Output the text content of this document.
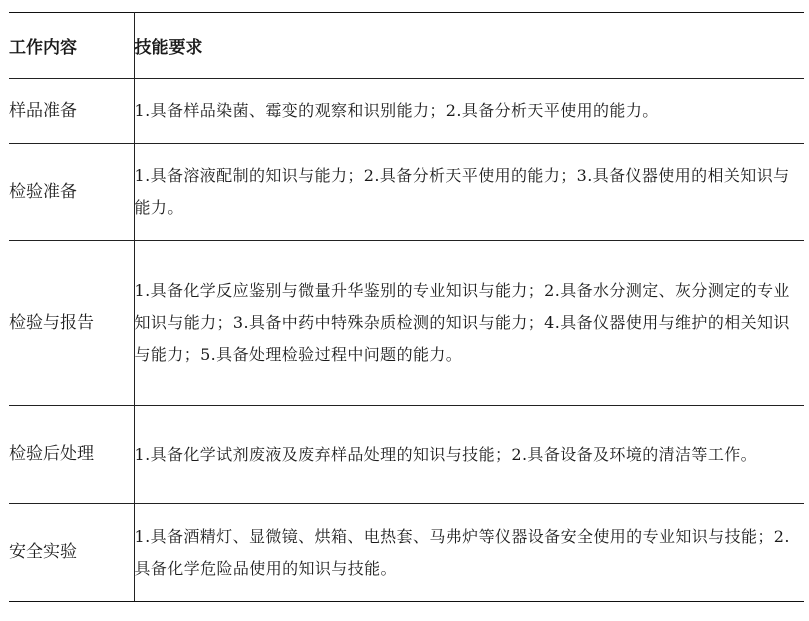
工作内容	技能要求
样品准备	1.具备样品染菌、霉变的观察和识别能力；2.具备分析天平使用的能力。
检验准备	1.具备溶液配制的知识与能力；2.具备分析天平使用的能力；3.具备仪器使用的相关知识与能力。
检验与报告	1.具备化学反应鉴别与微量升华鉴别的专业知识与能力；2.具备水分测定、灰分测定的专业知识与能力；3.具备中药中特殊杂质检测的知识与能力；4.具备仪器使用与维护的相关知识与能力；5.具备处理检验过程中问题的能力。
检验后处理	1.具备化学试剂废液及废弃样品处理的知识与技能；2.具备设备及环境的清洁等工作。
安全实验	1.具备酒精灯、显微镜、烘箱、电热套、马弗炉等仪器设备安全使用的专业知识与技能；2.具备化学危险品使用的知识与技能。
